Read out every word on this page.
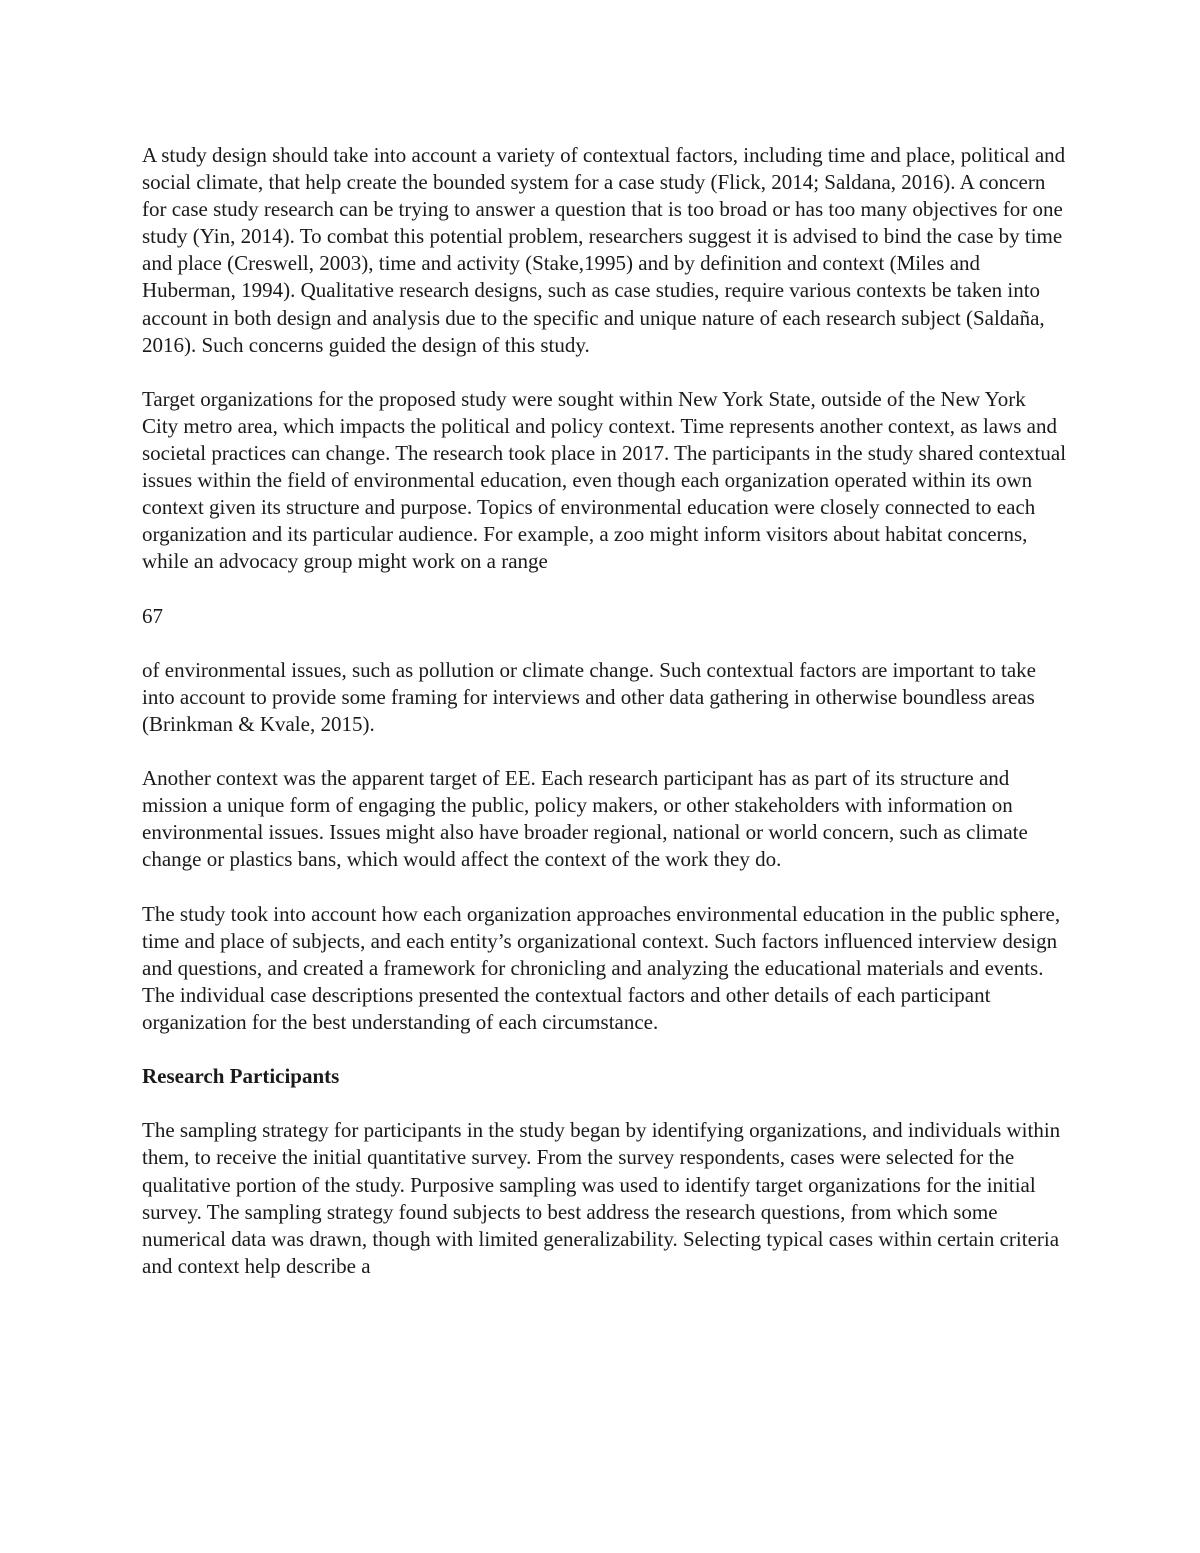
A study design should take into account a variety of contextual factors, including time and place, political and social climate, that help create the bounded system for a case study (Flick, 2014; Saldana, 2016). A concern for case study research can be trying to answer a question that is too broad or has too many objectives for one study (Yin, 2014). To combat this potential problem, researchers suggest it is advised to bind the case by time and place (Creswell, 2003), time and activity (Stake,1995) and by definition and context (Miles and Huberman, 1994). Qualitative research designs, such as case studies, require various contexts be taken into account in both design and analysis due to the specific and unique nature of each research subject (Saldaña, 2016). Such concerns guided the design of this study.

Target organizations for the proposed study were sought within New York State, outside of the New York City metro area, which impacts the political and policy context. Time represents another context, as laws and societal practices can change. The research took place in 2017. The participants in the study shared contextual issues within the field of environmental education, even though each organization operated within its own context given its structure and purpose. Topics of environmental education were closely connected to each organization and its particular audience. For example, a zoo might inform visitors about habitat concerns, while an advocacy group might work on a range

67

of environmental issues, such as pollution or climate change. Such contextual factors are important to take into account to provide some framing for interviews and other data gathering in otherwise boundless areas (Brinkman & Kvale, 2015).

Another context was the apparent target of EE. Each research participant has as part of its structure and mission a unique form of engaging the public, policy makers, or other stakeholders with information on environmental issues. Issues might also have broader regional, national or world concern, such as climate change or plastics bans, which would affect the context of the work they do.

The study took into account how each organization approaches environmental education in the public sphere, time and place of subjects, and each entity’s organizational context. Such factors influenced interview design and questions, and created a framework for chronicling and analyzing the educational materials and events. The individual case descriptions presented the contextual factors and other details of each participant organization for the best understanding of each circumstance.

Research Participants

The sampling strategy for participants in the study began by identifying organizations, and individuals within them, to receive the initial quantitative survey. From the survey respondents, cases were selected for the qualitative portion of the study. Purposive sampling was used to identify target organizations for the initial survey. The sampling strategy found subjects to best address the research questions, from which some numerical data was drawn, though with limited generalizability. Selecting typical cases within certain criteria and context help describe a
